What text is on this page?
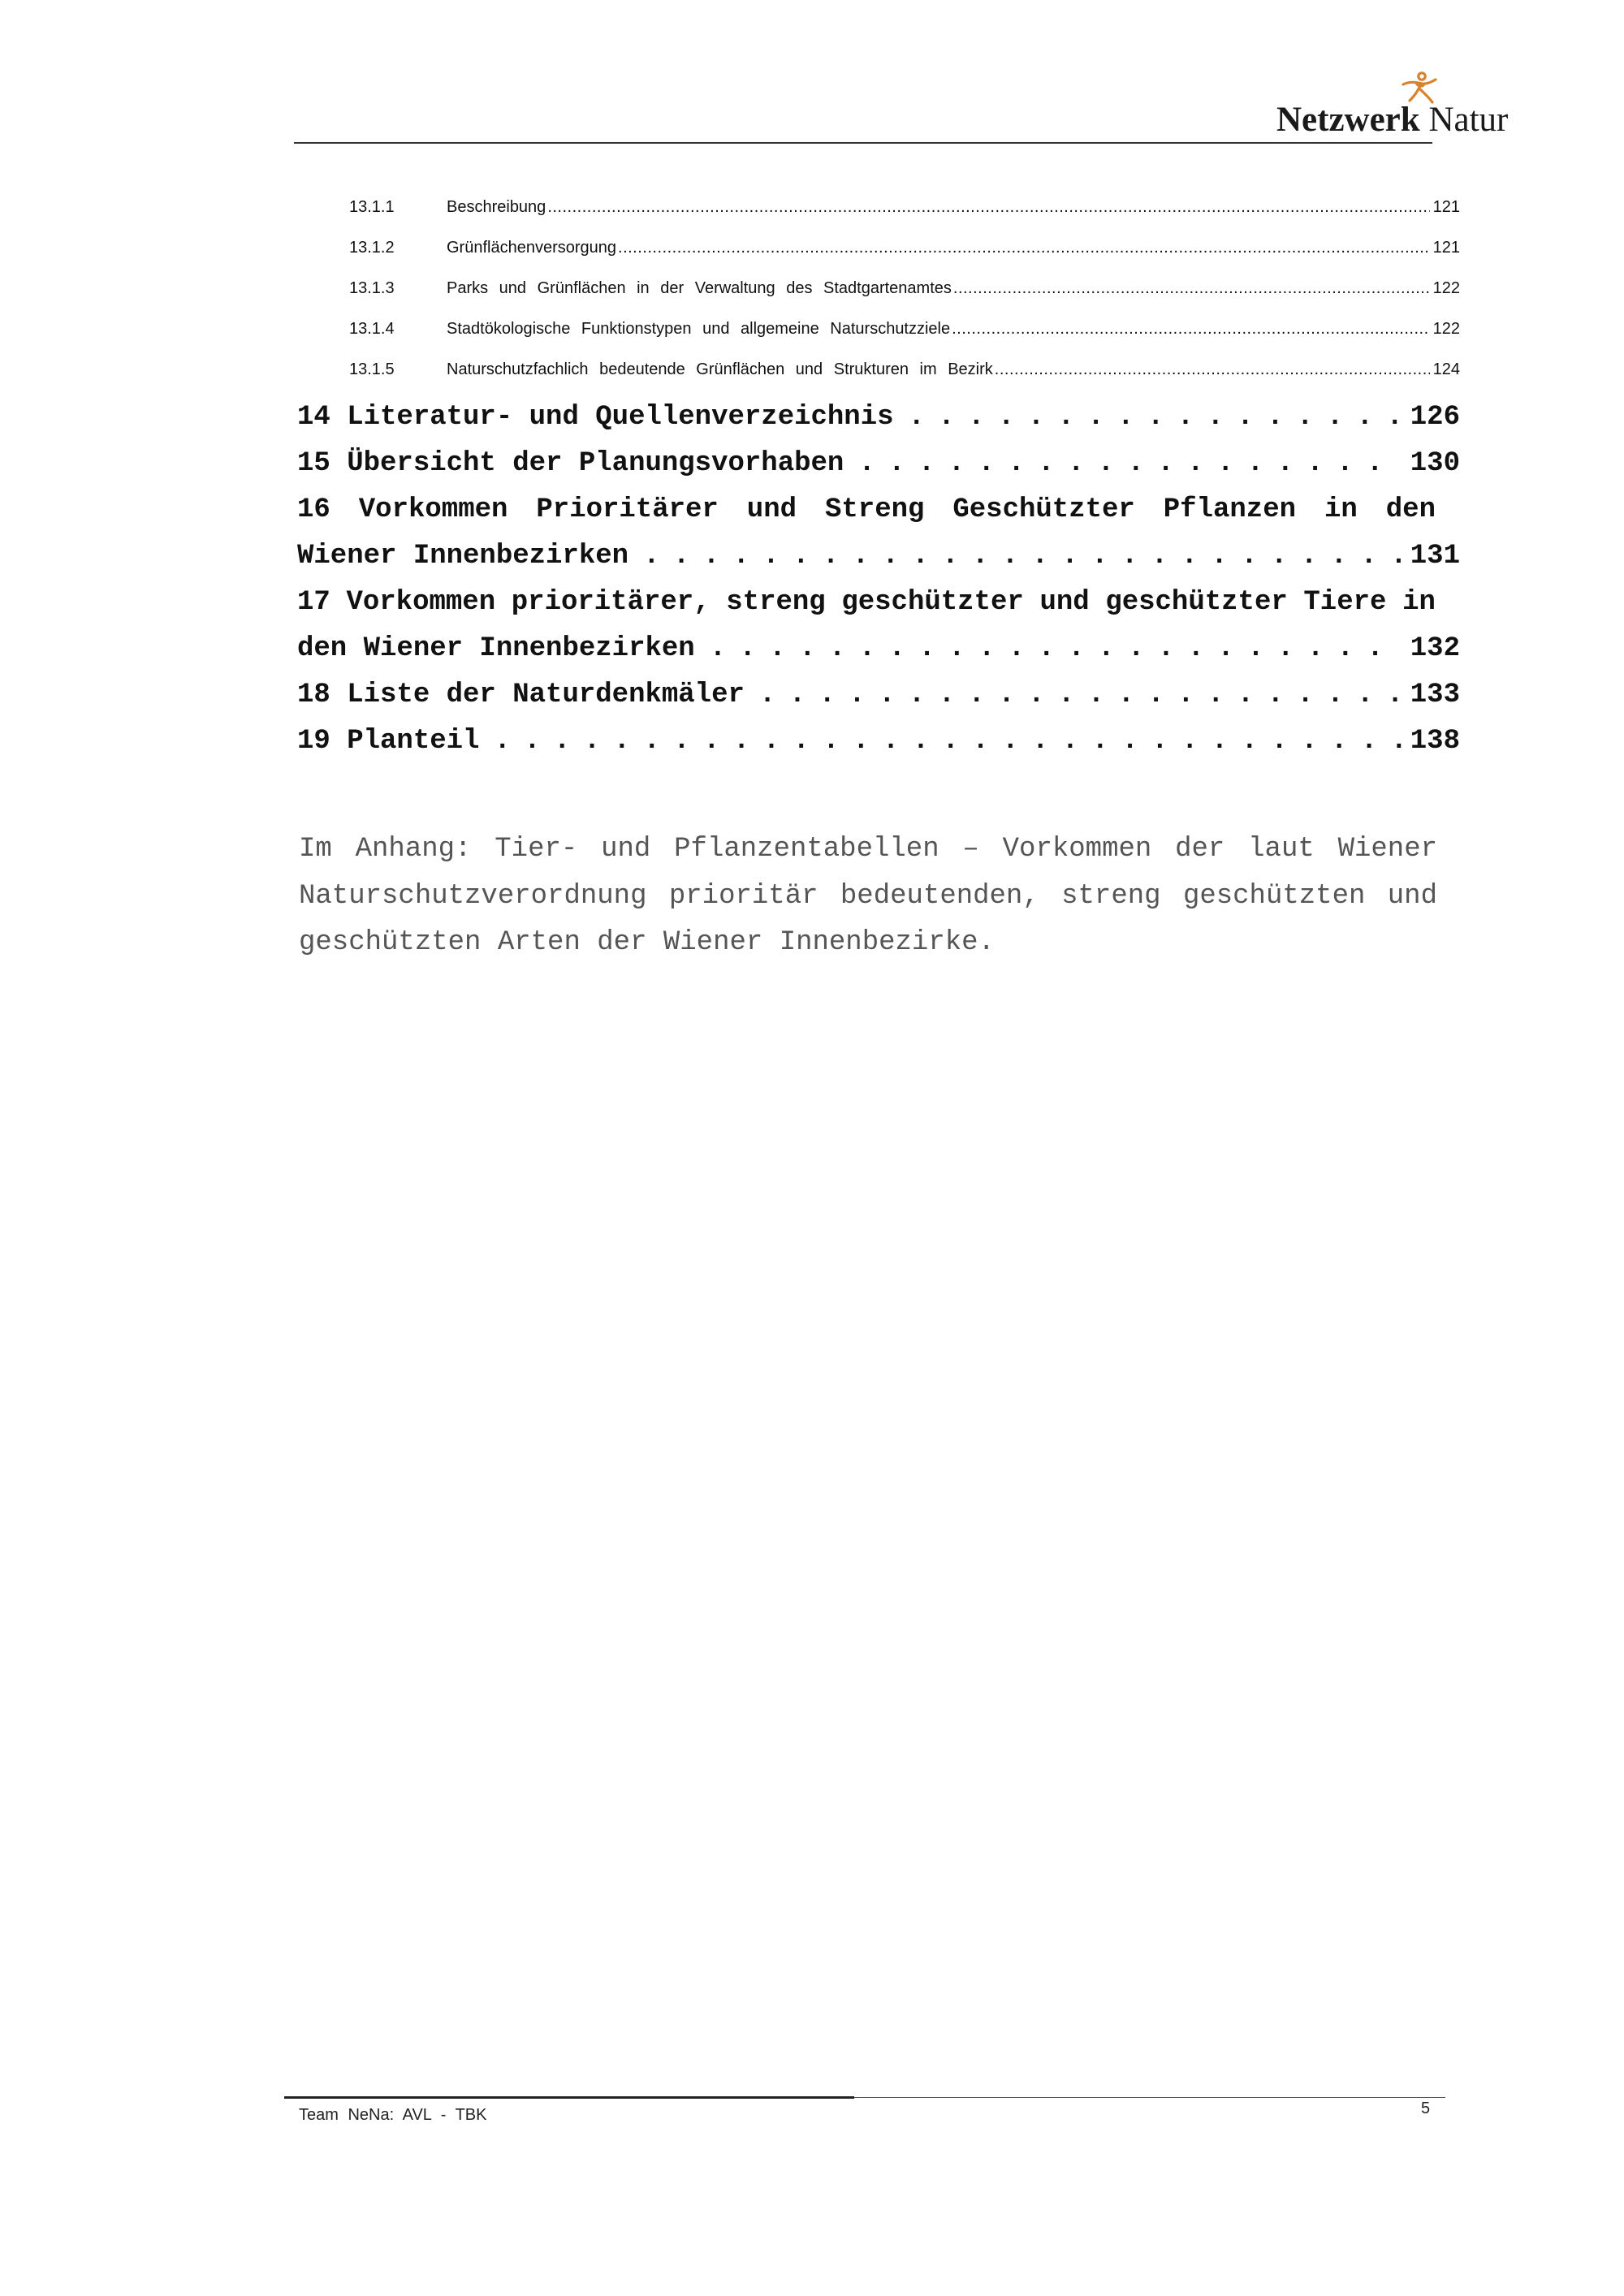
Netzwerk Natur
13.1.1	Beschreibung .....	121
13.1.2	Grünflächenversorgung .....	121
13.1.3	Parks und Grünflächen in der Verwaltung des Stadtgartenamtes .....	122
13.1.4	Stadtökologische Funktionstypen und allgemeine Naturschutzziele .....	122
13.1.5	Naturschutzfachlich bedeutende Grünflächen und Strukturen im Bezirk .....	124
14 Literatur- und Quellenverzeichnis . . .	126
15 Übersicht der Planungsvorhaben . . .	130
16 Vorkommen Prioritärer und Streng Geschützter Pflanzen in den
Wiener Innenbezirken . . .	131
17 Vorkommen prioritärer, streng geschützter und geschützter Tiere in
den Wiener Innenbezirken . . .	132
18 Liste der Naturdenkmäler . . .	133
19 Planteil . . .	138
Im Anhang: Tier- und Pflanzentabellen – Vorkommen der laut Wiener Naturschutzverordnung prioritär bedeutenden, streng geschützten und geschützten Arten der Wiener Innenbezirke.
Team NeNa: AVL - TBK	5
